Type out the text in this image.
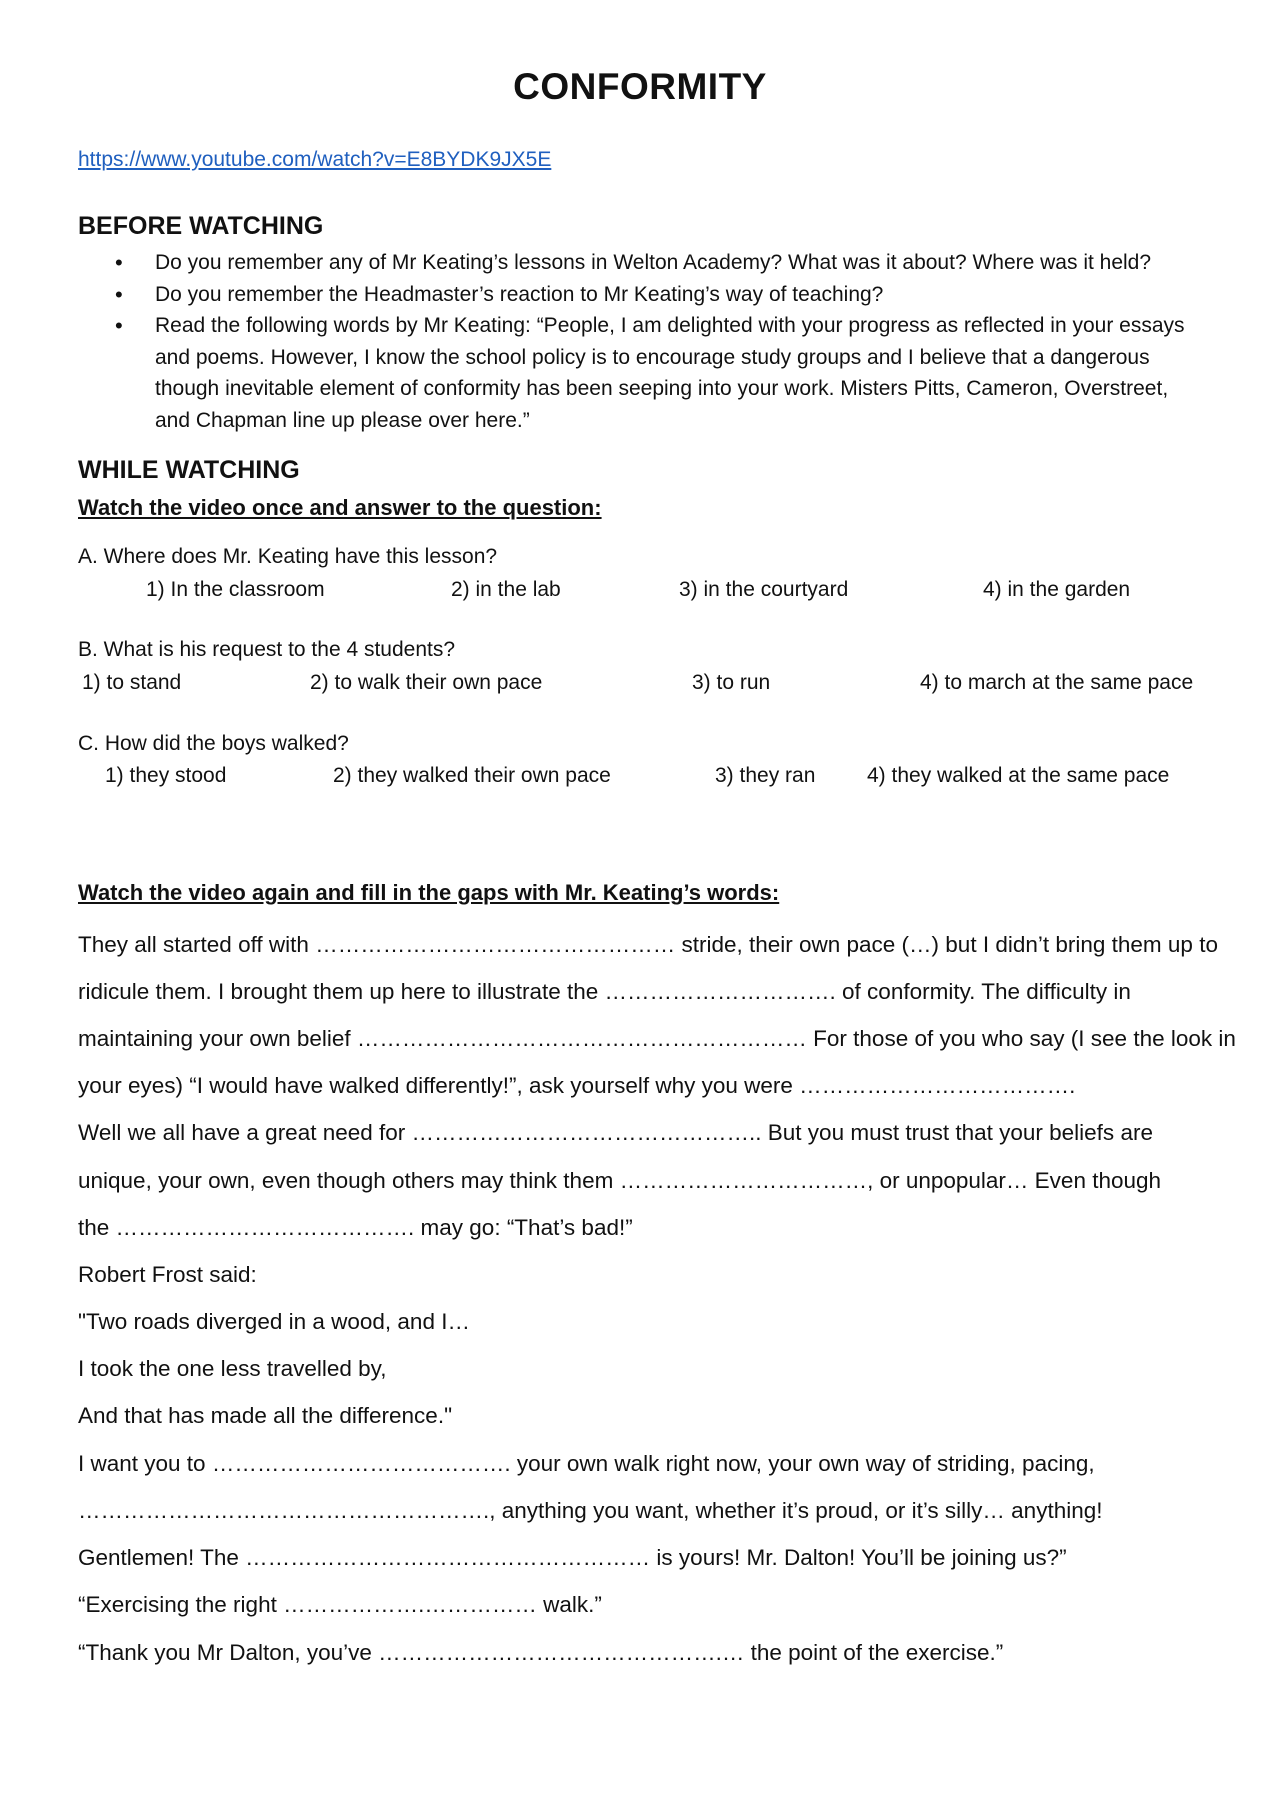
CONFORMITY
https://www.youtube.com/watch?v=E8BYDK9JX5E
BEFORE WATCHING
• Do you remember any of Mr Keating’s lessons in Welton Academy? What was it about? Where was it held?
• Do you remember the Headmaster’s reaction to Mr Keating’s way of teaching?
• Read the following words by Mr Keating: “People, I am delighted with your progress as reflected in your essays and poems. However, I know the school policy is to encourage study groups and I believe that a dangerous though inevitable element of conformity has been seeping into your work. Misters Pitts, Cameron, Overstreet, and Chapman line up please over here.”
WHILE WATCHING
Watch the video once and answer to the question:
A. Where does Mr. Keating have this lesson?
1) In the classroom	2) in the lab	3) in the courtyard	4) in the garden
B. What is his request to the 4 students?
1) to stand	2) to walk their own pace	3) to run	4) to march at the same pace
C. How did the boys walked?
1) they stood	2) they walked their own pace	3) they ran 4) they walked at the same pace
Watch the video again and fill in the gaps with Mr. Keating’s words:
They all started off with ………………………………………… stride, their own pace (…) but I didn’t bring them up to
ridicule them. I brought them up here to illustrate the …………………………. of conformity. The difficulty in
maintaining your own belief …………………………………………………… For those of you who say (I see the look in
your eyes) “I would have walked differently!”, ask yourself why you were ……………………………….
Well we all have a great need for ……………………………………….. But you must trust that your beliefs are
unique, your own, even though others may think them ……………………………, or unpopular… Even though
the …………………………………. may go: “That’s bad!”
Robert Frost said:
"Two roads diverged in a wood, and I…
I took the one less travelled by,
And that has made all the difference."
I want you to …………………………………. your own walk right now, your own way of striding, pacing,
………………………………………………., anything you want, whether it’s proud, or it’s silly… anything!
Gentlemen! The ……………………………………………… is yours! Mr. Dalton! You’ll be joining us?”
“Exercising the right ……………….…………… walk.”
“Thank you Mr Dalton, you’ve ……………………………………….… the point of the exercise.”
